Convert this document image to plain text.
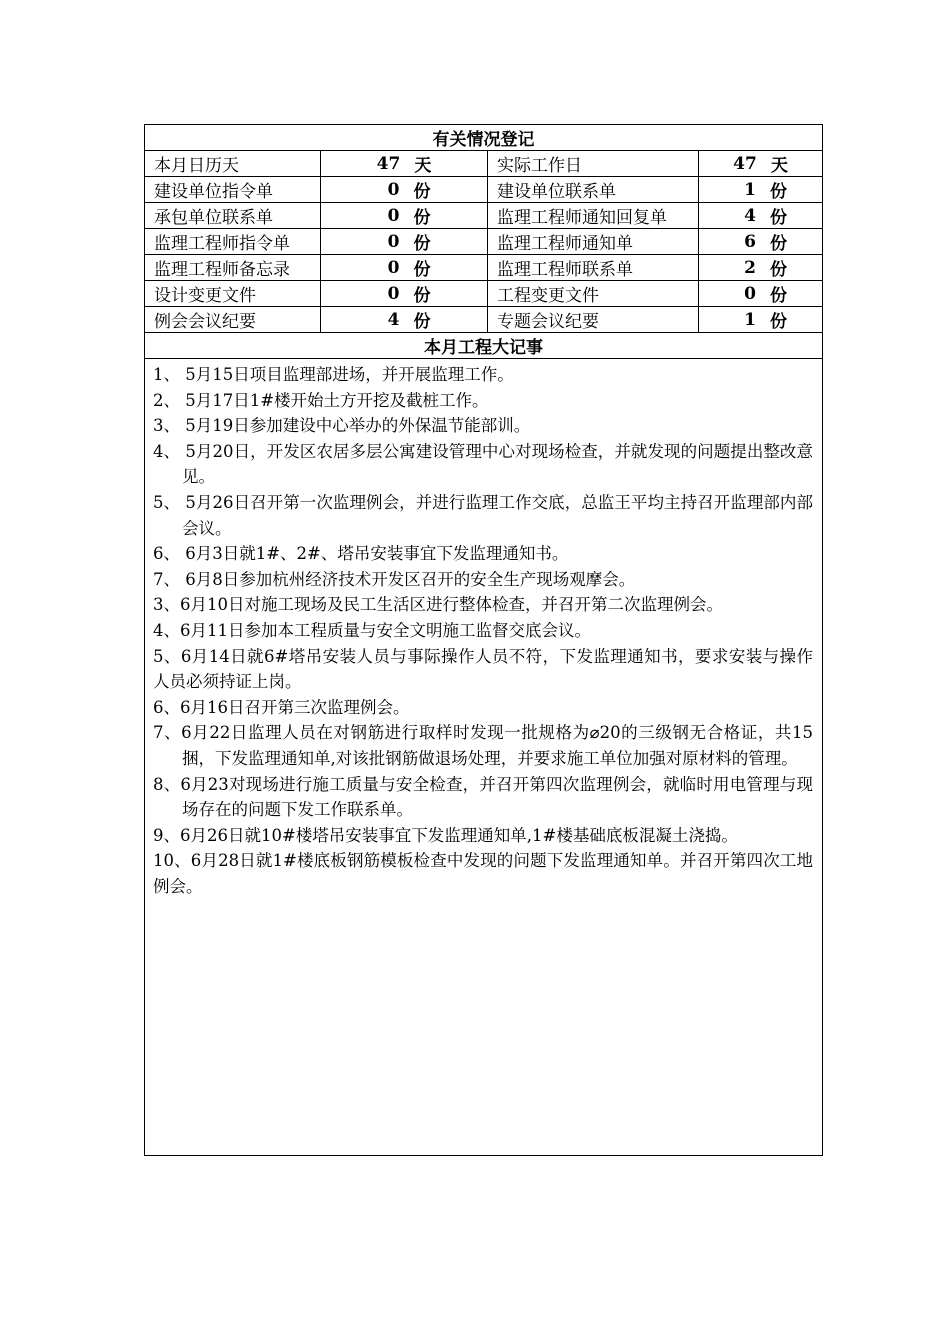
有关情况登记
本月日历天	47 天	实际工作日	47 天
建设单位指令单	0 份	建设单位联系单	1 份
承包单位联系单	0 份	监理工程师通知回复单	4 份
监理工程师指令单	0 份	监理工程师通知单	6 份
监理工程师备忘录	0 份	监理工程师联系单	2 份
设计变更文件	0 份	工程变更文件	0 份
例会会议纪要	4 份	专题会议纪要	1 份
本月工程大记事
1、 5月15日项目监理部进场，并开展监理工作。
2、 5月17日1#楼开始土方开挖及截桩工作。
3、 5月19日参加建设中心举办的外保温节能部训。
4、 5月20日，开发区农居多层公寓建设管理中心对现场检查，并就发现的问题提出整改意见。
5、 5月26日召开第一次监理例会，并进行监理工作交底，总监王平均主持召开监理部内部会议。
6、 6月3日就1#、2#、塔吊安装事宜下发监理通知书。
7、 6月8日参加杭州经济技术开发区召开的安全生产现场观摩会。
3、6月10日对施工现场及民工生活区进行整体检查，并召开第二次监理例会。
4、6月11日参加本工程质量与安全文明施工监督交底会议。
5、6月14日就6#塔吊安装人员与事际操作人员不符，下发监理通知书，要求安装与操作人员必须持证上岗。
6、6月16日召开第三次监理例会。
7、6月22日监理人员在对钢筋进行取样时发现一批规格为⌀20的三级钢无合格证，共15捆，下发监理通知单,对该批钢筋做退场处理，并要求施工单位加强对原材料的管理。
8、6月23对现场进行施工质量与安全检查，并召开第四次监理例会，就临时用电管理与现场存在的问题下发工作联系单。
9、6月26日就10#楼塔吊安装事宜下发监理通知单,1#楼基础底板混凝土浇捣。
10、6月28日就1#楼底板钢筋模板检查中发现的问题下发监理通知单。并召开第四次工地例会。
